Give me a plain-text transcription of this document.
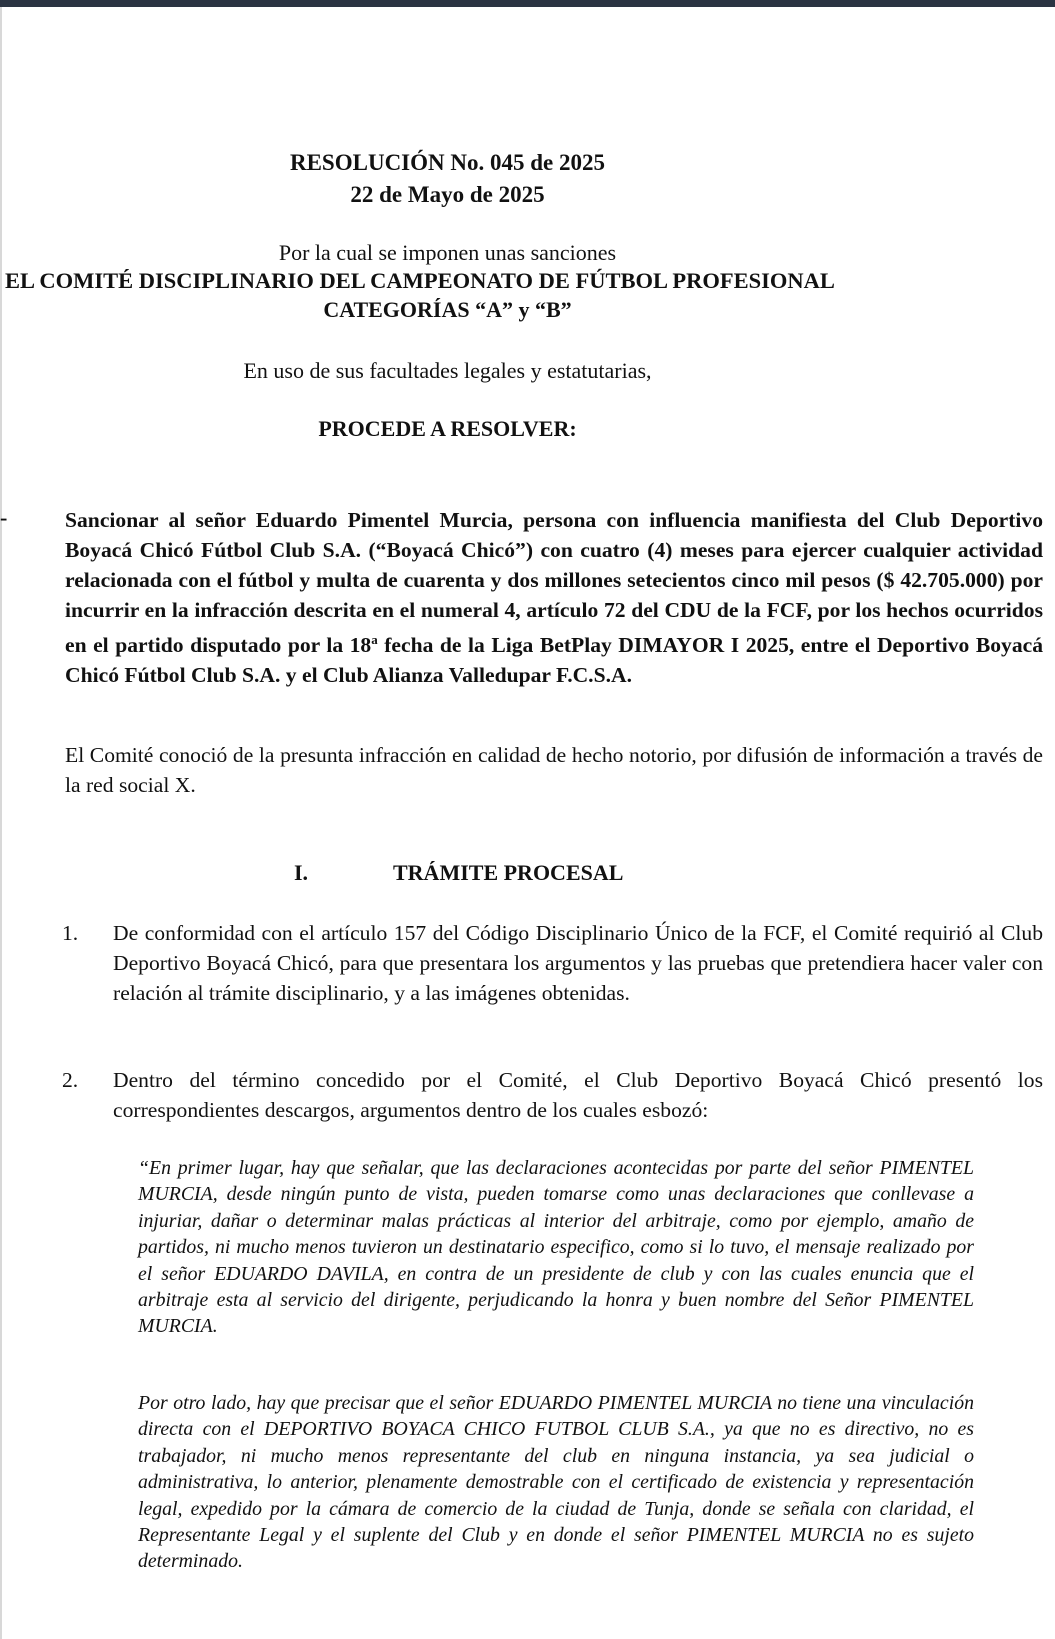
RESOLUCIÓN No. 045 de 2025
22 de Mayo de 2025
Por la cual se imponen unas sanciones
EL COMITÉ DISCIPLINARIO DEL CAMPEONATO DE FÚTBOL PROFESIONAL
CATEGORÍAS “A” y “B”
En uso de sus facultades legales y estatutarias,
PROCEDE A RESOLVER:
-	Sancionar al señor Eduardo Pimentel Murcia, persona con influencia manifiesta del Club Deportivo Boyacá Chicó Fútbol Club S.A. (“Boyacá Chicó”) con cuatro (4) meses para ejercer cualquier actividad relacionada con el fútbol y multa de cuarenta y dos millones setecientos cinco mil pesos ($ 42.705.000) por incurrir en la infracción descrita en el numeral 4, artículo 72 del CDU de la FCF, por los hechos ocurridos en el partido disputado por la 18$^a$ fecha de la Liga BetPlay DIMAYOR I 2025, entre el Deportivo Boyacá Chicó Fútbol Club S.A. y el Club Alianza Valledupar F.C.S.A.
El Comité conoció de la presunta infracción en calidad de hecho notorio, por difusión de información a través de la red social X.
I.	TRÁMITE PROCESAL
1. De conformidad con el artículo 157 del Código Disciplinario Único de la FCF, el Comité requirió al Club Deportivo Boyacá Chicó, para que presentara los argumentos y las pruebas que pretendiera hacer valer con relación al trámite disciplinario, y a las imágenes obtenidas.
2. Dentro del término concedido por el Comité, el Club Deportivo Boyacá Chicó presentó los correspondientes descargos, argumentos dentro de los cuales esbozó:
“En primer lugar, hay que señalar, que las declaraciones acontecidas por parte del señor PIMENTEL MURCIA, desde ningún punto de vista, pueden tomarse como unas declaraciones que conllevase a injuriar, dañar o determinar malas prácticas al interior del arbitraje, como por ejemplo, amaño de partidos, ni mucho menos tuvieron un destinatario especifico, como si lo tuvo, el mensaje realizado por el señor EDUARDO DAVILA, en contra de un presidente de club y con las cuales enuncia que el arbitraje esta al servicio del dirigente, perjudicando la honra y buen nombre del Señor PIMENTEL MURCIA.
Por otro lado, hay que precisar que el señor EDUARDO PIMENTEL MURCIA no tiene una vinculación directa con el DEPORTIVO BOYACA CHICO FUTBOL CLUB S.A., ya que no es directivo, no es trabajador, ni mucho menos representante del club en ninguna instancia, ya sea judicial o administrativa, lo anterior, plenamente demostrable con el certificado de existencia y representación legal, expedido por la cámara de comercio de la ciudad de Tunja, donde se señala con claridad, el Representante Legal y el suplente del Club y en donde el señor PIMENTEL MURCIA no es sujeto determinado.
